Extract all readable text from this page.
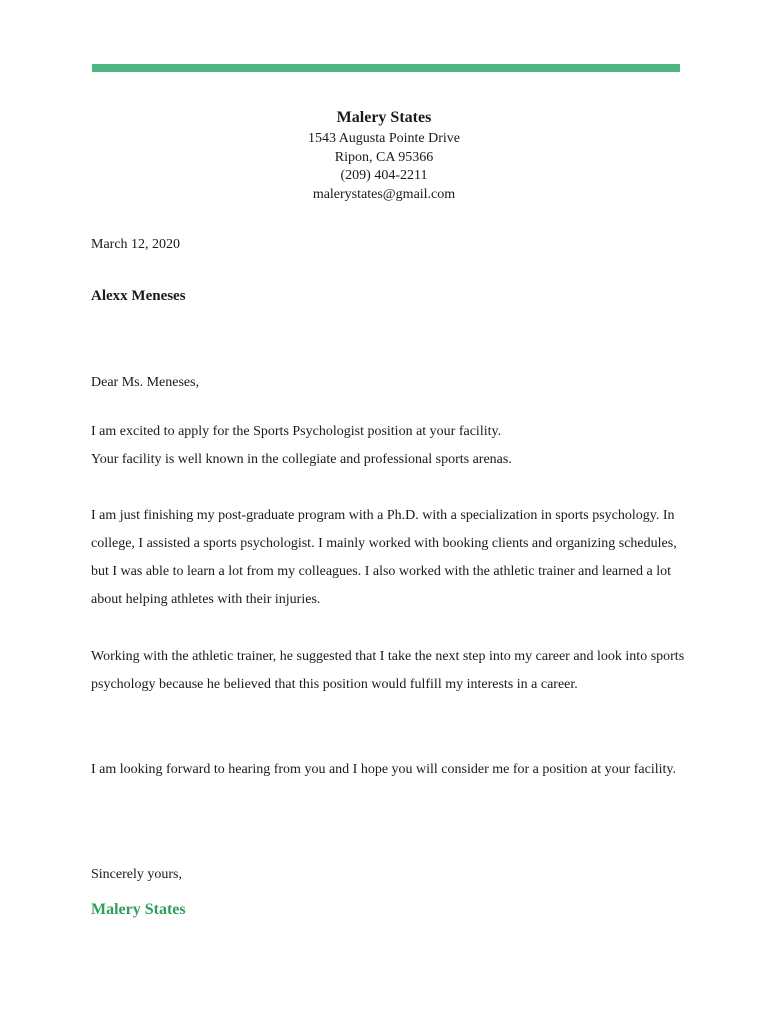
Malery States

1543 Augusta Pointe Drive

Ripon, CA 95366

(209) 404-2211

malerystates@gmail.com

March 12, 2020

Alexx Meneses

Dear Ms. Meneses,

I am excited to apply for the Sports Psychologist position at your facility.
Your facility is well known in the collegiate and professional sports arenas.

I am just finishing my post-graduate program with a Ph.D. with a specialization in sports psychology. In college, I assisted a sports psychologist. I mainly worked with booking clients and organizing schedules, but I was able to learn a lot from my colleagues. I also worked with the athletic trainer and learned a lot about helping athletes with their injuries.

Working with the athletic trainer, he suggested that I take the next step into my career and look into sports psychology because he believed that this position would fulfill my interests in a career.

I am looking forward to hearing from you and I hope you will consider me for a position at your facility.

Sincerely yours,

Malery States
